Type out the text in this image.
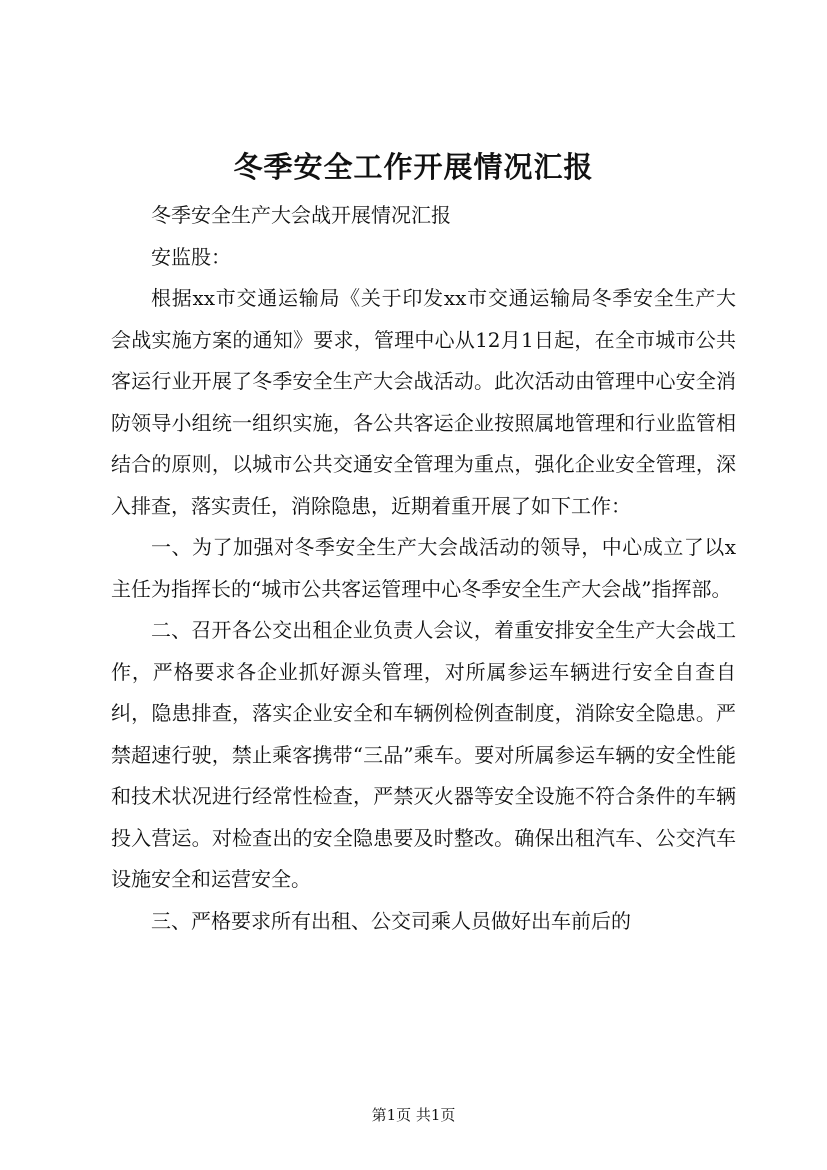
冬季安全工作开展情况汇报

冬季安全生产大会战开展情况汇报

安监股：

根据xx市交通运输局《关于印发xx市交通运输局冬季安全生产大会战实施方案的通知》要求，管理中心从12月1日起，在全市城市公共客运行业开展了冬季安全生产大会战活动。此次活动由管理中心安全消防领导小组统一组织实施，各公共客运企业按照属地管理和行业监管相结合的原则，以城市公共交通安全管理为重点，强化企业安全管理，深入排查，落实责任，消除隐患，近期着重开展了如下工作：

一、为了加强对冬季安全生产大会战活动的领导，中心成立了以x主任为指挥长的“城市公共客运管理中心冬季安全生产大会战”指挥部。

二、召开各公交出租企业负责人会议，着重安排安全生产大会战工作，严格要求各企业抓好源头管理，对所属参运车辆进行安全自查自纠，隐患排查，落实企业安全和车辆例检例查制度，消除安全隐患。严禁超速行驶，禁止乘客携带“三品”乘车。要对所属参运车辆的安全性能和技术状况进行经常性检查，严禁灭火器等安全设施不符合条件的车辆投入营运。对检查出的安全隐患要及时整改。确保出租汽车、公交汽车设施安全和运营安全。

三、严格要求所有出租、公交司乘人员做好出车前后的

第1页 共1页
